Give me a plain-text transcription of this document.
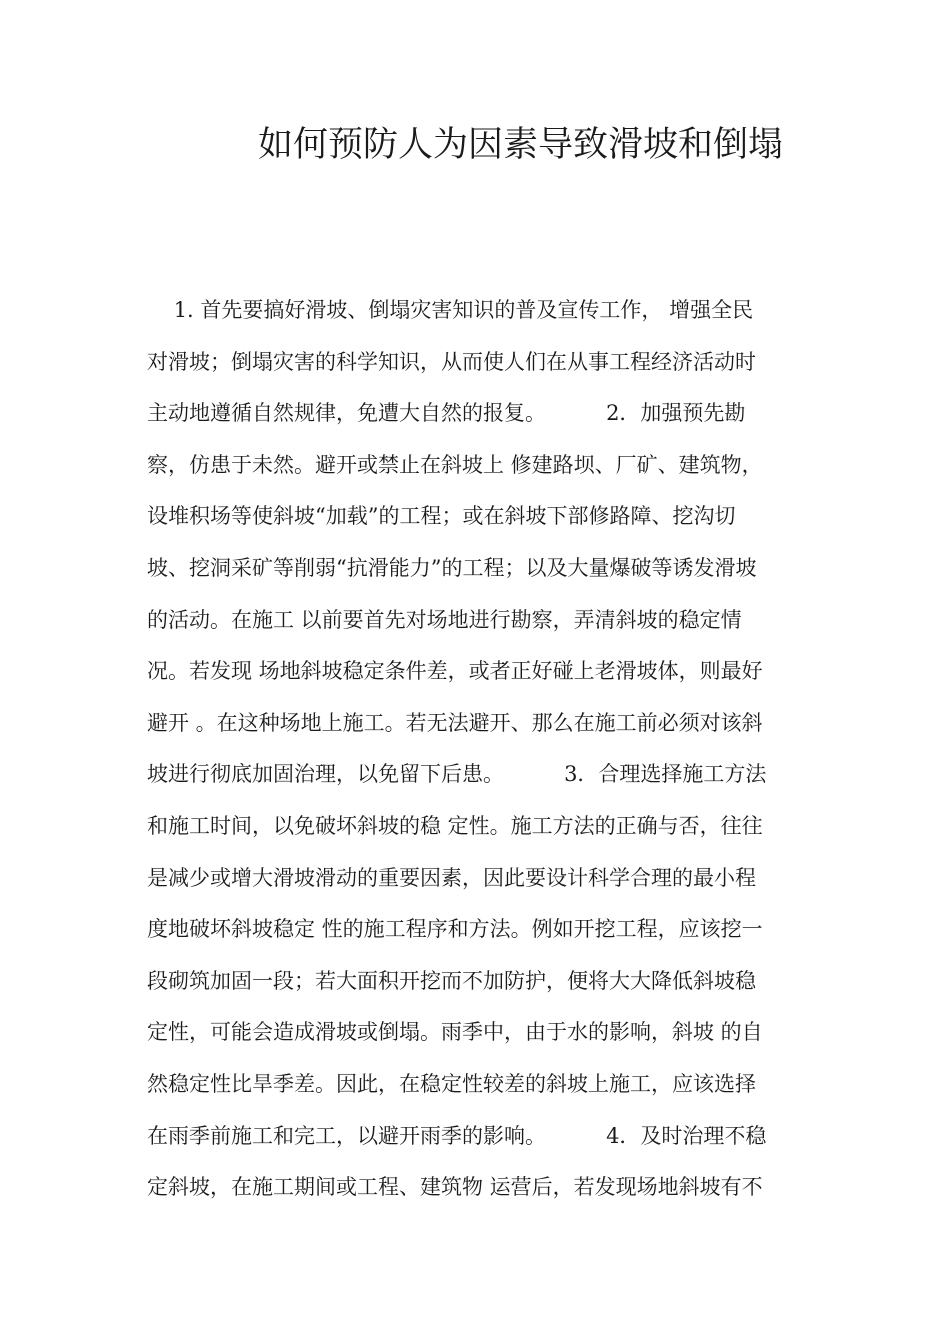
如何预防人为因素导致滑坡和倒塌
1. 首先要搞好滑坡、倒塌灾害知识的普及宣传工作， 增强全民
对滑坡；倒塌灾害的科学知识，从而使人们在从事工程经济活动时
主动地遵循自然规律，免遭大自然的报复。         2．加强预先勘
察，仿患于未然。避开或禁止在斜坡上 修建路坝、厂矿、建筑物，
设堆积场等使斜坡“加载”的工程；或在斜坡下部修路障、挖沟切
坡、挖洞采矿等削弱“抗滑能力”的工程；以及大量爆破等诱发滑坡
的活动。在施工 以前要首先对场地进行勘察，弄清斜坡的稳定情
况。若发现 场地斜坡稳定条件差，或者正好碰上老滑坡体，则最好
避开 。在这种场地上施工。若无法避开、那么在施工前必须对该斜
坡进行彻底加固治理，以免留下后患。         3．合理选择施工方法
和施工时间，以免破坏斜坡的稳 定性。施工方法的正确与否，往往
是减少或增大滑坡滑动的重要因素，因此要设计科学合理的最小程
度地破坏斜坡稳定 性的施工程序和方法。例如开挖工程，应该挖一
段砌筑加固一段；若大面积开挖而不加防护，便将大大降低斜坡稳
定性，可能会造成滑坡或倒塌。雨季中，由于水的影响，斜坡 的自
然稳定性比旱季差。因此，在稳定性较差的斜坡上施工，应该选择
在雨季前施工和完工，以避开雨季的影响。         4．及时治理不稳
定斜坡，在施工期间或工程、建筑物 运营后，若发现场地斜坡有不
